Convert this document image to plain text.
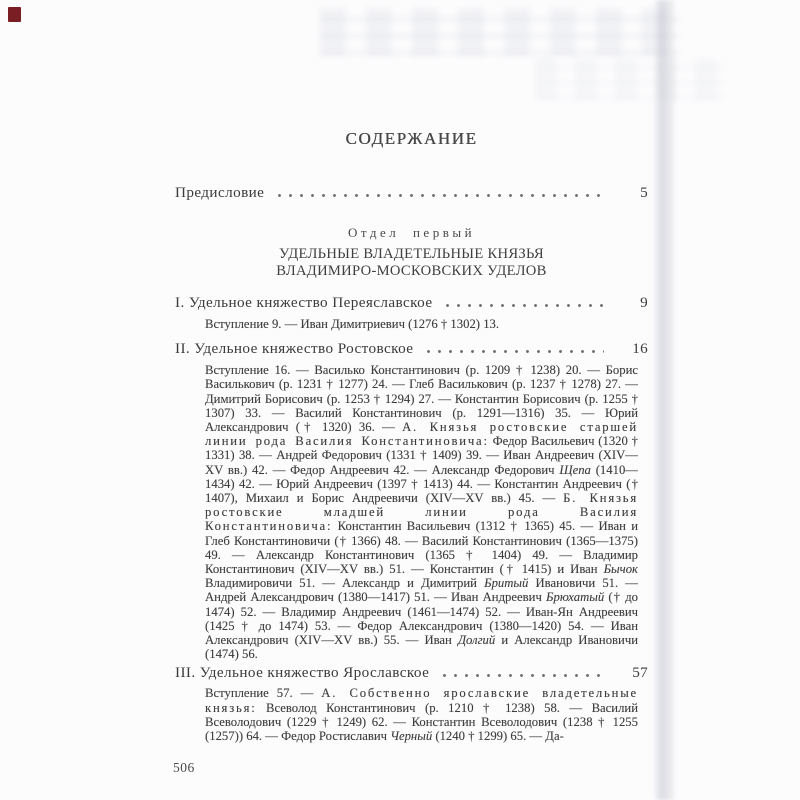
СОДЕРЖАНИЕ
Предисловие	5
Отдел первый
УДЕЛЬНЫЕ ВЛАДЕТЕЛЬНЫЕ КНЯЗЬЯ
ВЛАДИМИРО-МОСКОВСКИХ УДЕЛОВ
I. Удельное княжество Переяславское	9
Вступление 9. — Иван Димитриевич (1276 † 1302) 13.
II. Удельное княжество Ростовское	16
Вступление 16. — Василько Константинович (р. 1209 † 1238) 20. — Борис Василькович (р. 1231 † 1277) 24. — Глеб Василькович (р. 1237 † 1278) 27. — Димитрий Борисович (р. 1253 † 1294) 27. — Константин Борисович (р. 1255 † 1307) 33. — Василий Константинович (р. 1291—1316) 35. — Юрий Александрович († 1320) 36. — А. Князья ростовские старшей линии рода Василия Константиновича: Федор Васильевич (1320 † 1331) 38. — Андрей Федорович (1331 † 1409) 39. — Иван Андреевич (XIV—XV вв.) 42. — Федор Андреевич 42. — Александр Федорович Щепа (1410—1434) 42. — Юрий Андреевич (1397 † 1413) 44. — Константин Андреевич († 1407), Михаил и Борис Андреевичи (XIV—XV вв.) 45. — Б. Князья ростовские младшей линии рода Василия Константиновича: Константин Васильевич (1312 † 1365) 45. — Иван и Глеб Константиновичи († 1366) 48. — Василий Константинович (1365—1375) 49. — Александр Константинович (1365 † 1404) 49. — Владимир Константинович (XIV—XV вв.) 51. — Константин († 1415) и Иван Бычок Владимировичи 51. — Александр и Димитрий Бритый Ивановичи 51. — Андрей Александрович (1380—1417) 51. — Иван Андреевич Брюхатый († до 1474) 52. — Владимир Андреевич (1461—1474) 52. — Иван-Ян Андреевич (1425 † до 1474) 53. — Федор Александрович (1380—1420) 54. — Иван Александрович (XIV—XV вв.) 55. — Иван Долгий и Александр Ивановичи (1474) 56.
III. Удельное княжество Ярославское	57
Вступление 57. — А. Собственно ярославские владетельные князья: Всеволод Константинович (р. 1210 † 1238) 58. — Василий Всеволодович (1229 † 1249) 62. — Константин Всеволодович (1238 † 1255 (1257)) 64. — Федор Ростиславич Черный (1240 † 1299) 65. — Да-
506
